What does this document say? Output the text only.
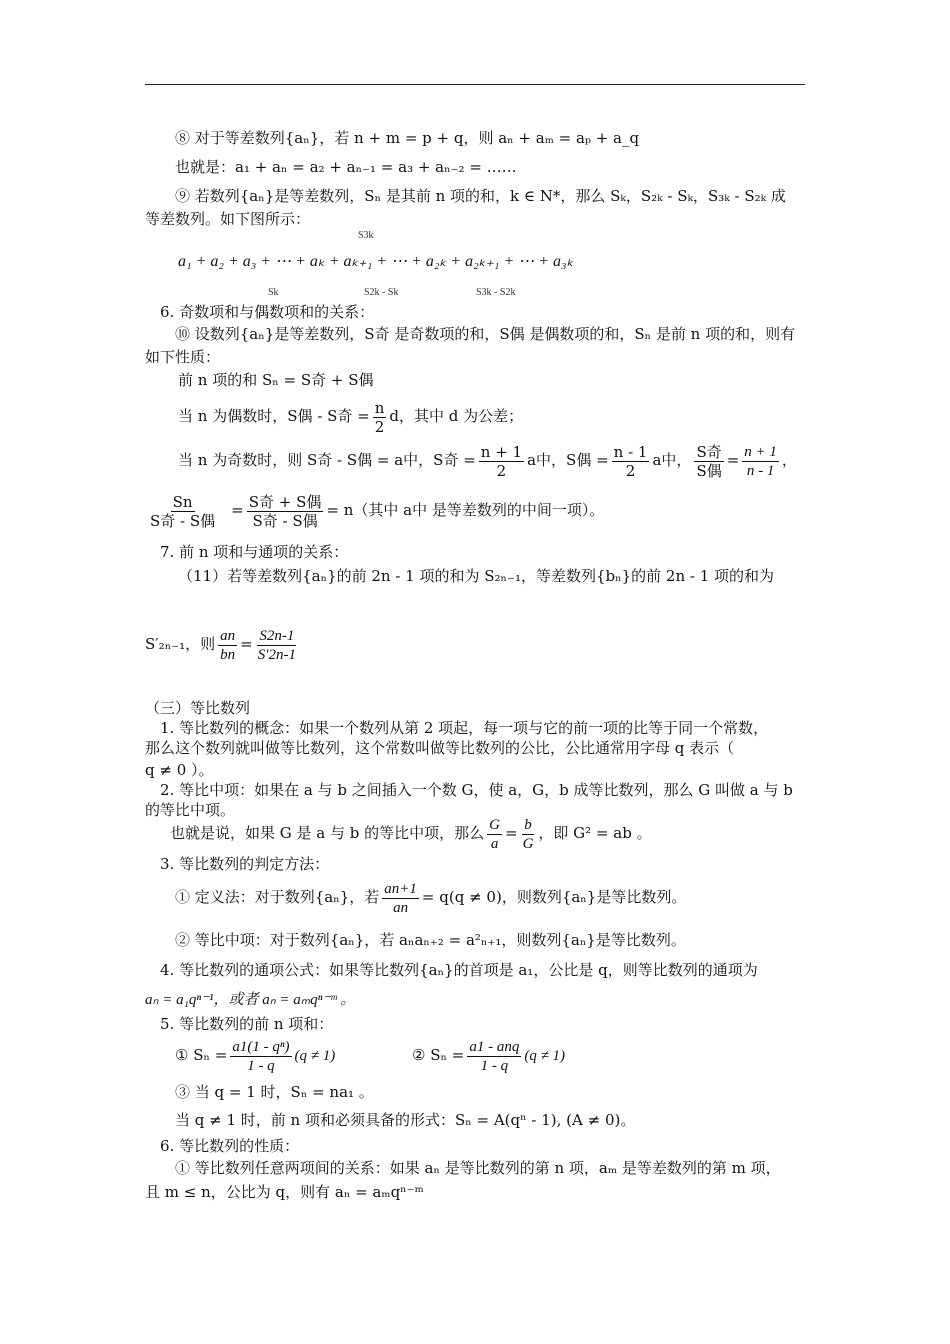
⑧ 对于等差数列{aₙ}，若 n + m = p + q，则 aₙ + aₘ = aₚ + a_q
也就是：a₁ + aₙ = a₂ + aₙ₋₁ = a₃ + aₙ₋₂ = ……
⑨ 若数列{aₙ}是等差数列，Sₙ 是其前 n 项的和，k ∈ N*，那么 Sₖ，S₂ₖ - Sₖ，S₃ₖ - S₂ₖ 成
等差数列。如下图所示：
S3k
a₁ + a₂ + a₃ + ⋯ + aₖ + aₖ₊₁ + ⋯ + a₂ₖ + a₂ₖ₊₁ + ⋯ + a₃ₖ
Sk	S2k - Sk	S3k - S2k
6. 奇数项和与偶数项和的关系：
⑩ 设数列{aₙ}是等差数列，S奇 是奇数项的和，S偶 是偶数项的和，Sₙ 是前 n 项的和，则有
如下性质：
前 n 项的和 Sₙ = S奇 + S偶
当 n 为偶数时，S偶 - S奇 = $\frac{n}{2}$ d，其中 d 为公差；
当 n 为奇数时，则 S奇 - S偶 = a中，S奇 = $\frac{n + 1}{2}$ a中，S偶 = $\frac{n - 1}{2}$ a中， $\frac{\text{S奇}}{\text{S偶}} = \frac{n + 1}{n - 1}$ ，
$\frac{Sn}{\text{S奇 - S偶}} = \frac{\text{S奇 + S偶}}{\text{S奇 - S偶}} = n$（其中 a中 是等差数列的中间一项）。
7. 前 n 项和与通项的关系：
（11）若等差数列{aₙ}的前 2n - 1 项的和为 S₂ₙ₋₁，等差数列{bₙ}的前 2n - 1 项的和为
S′₂ₙ₋₁，则 $\frac{an}{bn} = \frac{S2n-1}{S'2n-1}$
（三）等比数列
1. 等比数列的概念：如果一个数列从第 2 项起，每一项与它的前一项的比等于同一个常数，
那么这个数列就叫做等比数列，这个常数叫做等比数列的公比，公比通常用字母 q 表示（
q ≠ 0 ）。
2. 等比中项：如果在 a 与 b 之间插入一个数 G，使 a，G，b 成等比数列，那么 G 叫做 a 与 b
的等比中项。
也就是说，如果 G 是 a 与 b 的等比中项，那么 $\frac{G}{a} = \frac{b}{G}$ ，即 G² = ab 。
3. 等比数列的判定方法：
① 定义法：对于数列{aₙ}，若 $\frac{an+1}{an} = q(q \ne 0)$，则数列{aₙ}是等比数列。
② 等比中项：对于数列{aₙ}，若 aₙaₙ₊₂ = a²ₙ₊₁，则数列{aₙ}是等比数列。
4. 等比数列的通项公式：如果等比数列{aₙ}的首项是 a₁，公比是 q，则等比数列的通项为
aₙ = a₁qⁿ⁻¹，或者 aₙ = aₘqⁿ⁻ᵐ 。
5. 等比数列的前 n 项和：
① $S_n = \frac{\text{a1(1 - qⁿ)}}{1 - q} (q \ne 1)$	② $S_n = \frac{\text{a1 - anq}}{1 - q} (q \ne 1)$
③ 当 q = 1 时，Sₙ = na₁ 。
当 q ≠ 1 时，前 n 项和必须具备的形式：Sₙ = A(qⁿ - 1), (A ≠ 0)。
6. 等比数列的性质：
① 等比数列任意两项间的关系：如果 aₙ 是等比数列的第 n 项，aₘ 是等差数列的第 m 项，
且 m ≤ n，公比为 q，则有 aₙ = aₘqⁿ⁻ᵐ
